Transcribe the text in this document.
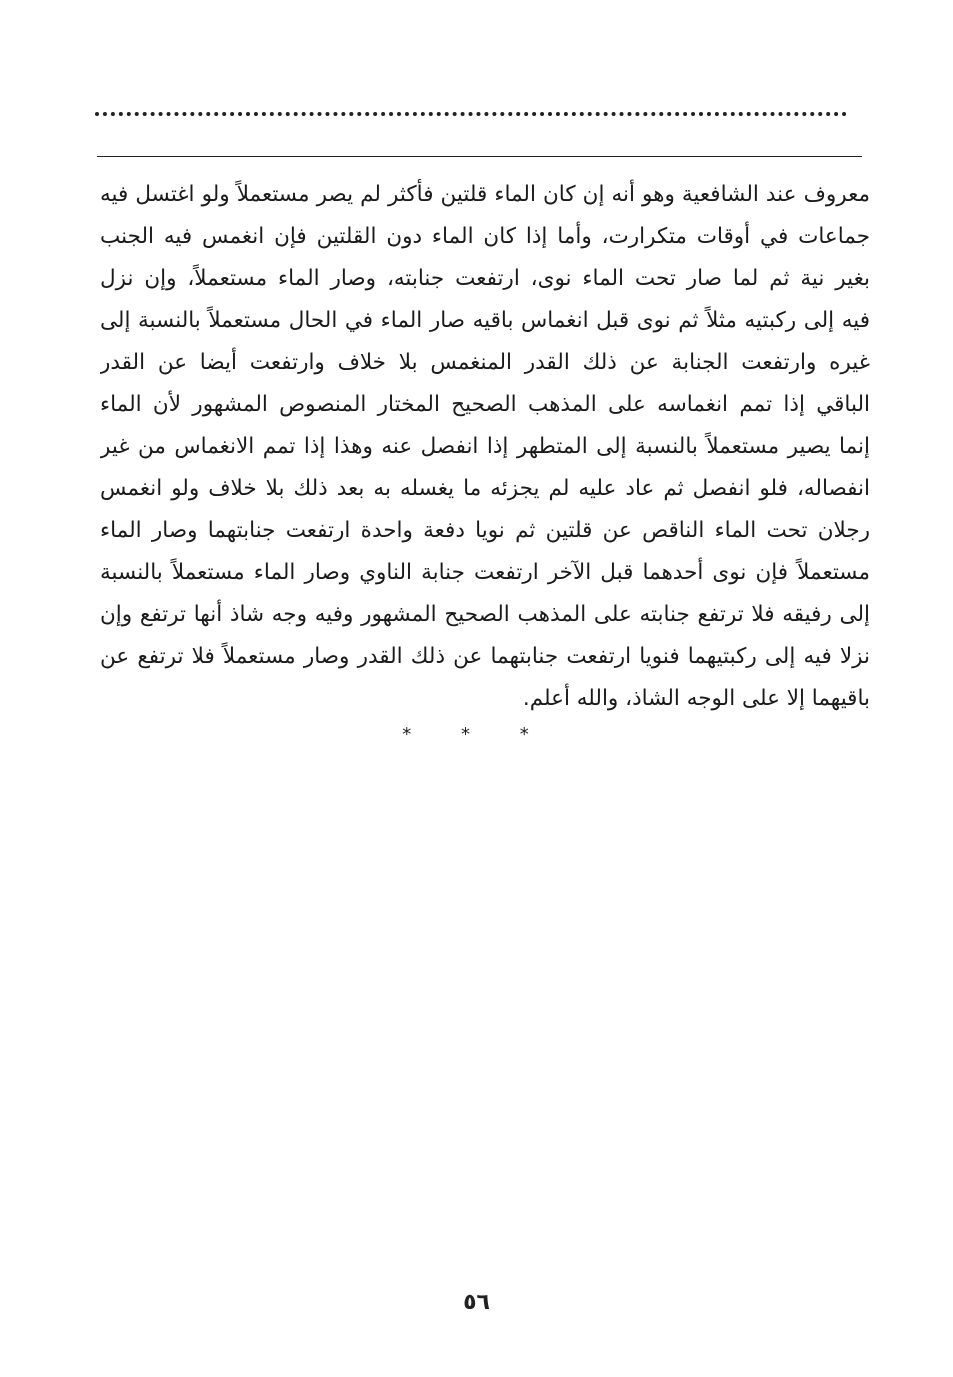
معروف عند الشافعية وهو أنه إن كان الماء قلتين فأكثر لم يصر مستعملاً ولو اغتسل فيه
جماعات في أوقات متكرارت، وأما إذا كان الماء دون القلتين فإن انغمس فيه الجنب
بغير نية ثم لما صار تحت الماء نوى، ارتفعت جنابته، وصار الماء مستعملاً، وإن نزل
فيه إلى ركبتيه مثلاً ثم نوى قبل انغماس باقيه صار الماء في الحال مستعملاً بالنسبة إلى
غيره وارتفعت الجنابة عن ذلك القدر المنغمس بلا خلاف وارتفعت أيضا عن القدر
الباقي إذا تمم انغماسه على المذهب الصحيح المختار المنصوص المشهور لأن الماء
إنما يصير مستعملاً بالنسبة إلى المتطهر إذا انفصل عنه وهذا إذا تمم الانغماس من غير
انفصاله، فلو انفصل ثم عاد عليه لم يجزئه ما يغسله به بعد ذلك بلا خلاف ولو انغمس
رجلان تحت الماء الناقص عن قلتين ثم نويا دفعة واحدة ارتفعت جنابتهما وصار الماء
مستعملاً فإن نوى أحدهما قبل الآخر ارتفعت جنابة الناوي وصار الماء مستعملاً بالنسبة
إلى رفيقه فلا ترتفع جنابته على المذهب الصحيح المشهور وفيه وجه شاذ أنها ترتفع وإن
نزلا فيه إلى ركبتيهما فنويا ارتفعت جنابتهما عن ذلك القدر وصار مستعملاً فلا ترتفع عن
باقيهما إلا على الوجه الشاذ، والله أعلم.
* * *
٥٦
